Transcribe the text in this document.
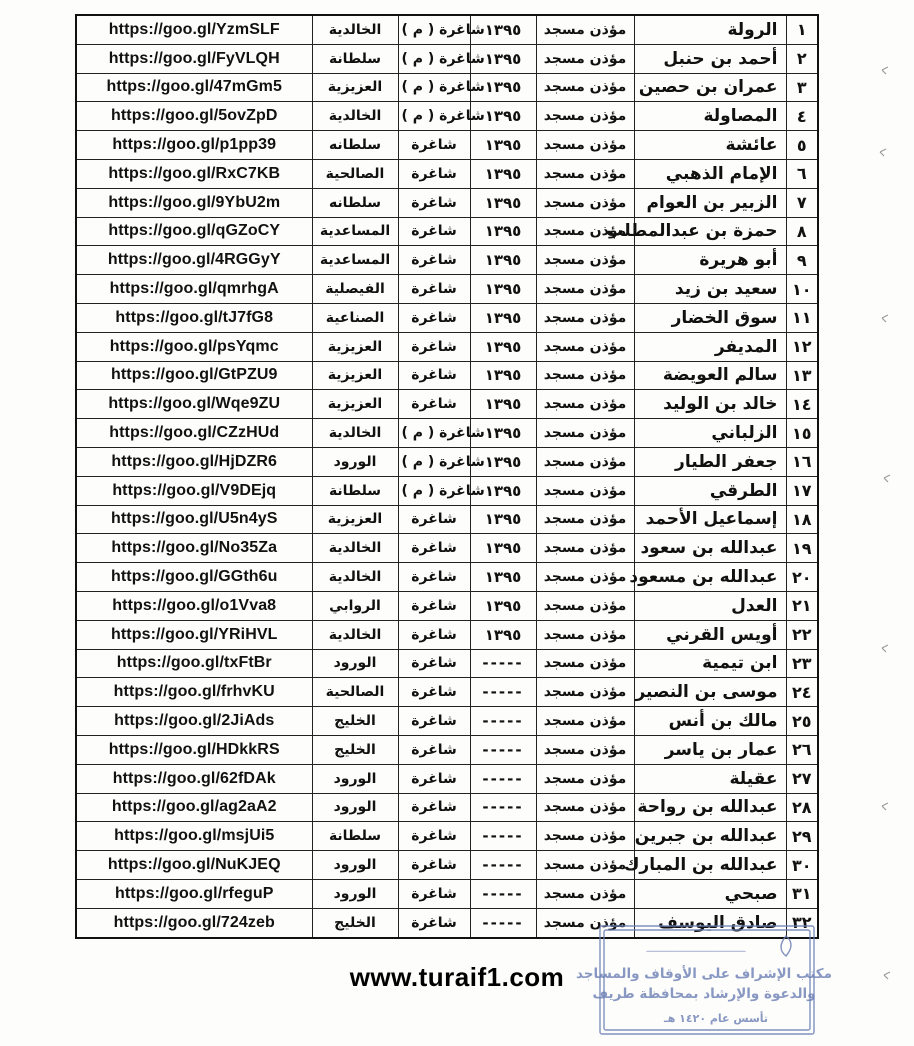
https://goo.gl/YzmSLF	الخالدية	شاغرة ( م )	١٣٩٥	مؤذن مسجد	الرولة	١
https://goo.gl/FyVLQH	سلطانة	شاغرة ( م )	١٣٩٥	مؤذن مسجد	أحمد بن حنبل	٢
https://goo.gl/47mGm5	العزيزية	شاغرة ( م )	١٣٩٥	مؤذن مسجد	عمران بن حصين	٣
https://goo.gl/5ovZpD	الخالدية	شاغرة ( م )	١٣٩٥	مؤذن مسجد	المصاولة	٤
https://goo.gl/p1pp39	سلطانه	شاغرة	١٣٩٥	مؤذن مسجد	عائشة	٥
https://goo.gl/RxC7KB	الصالحية	شاغرة	١٣٩٥	مؤذن مسجد	الإمام الذهبي	٦
https://goo.gl/9YbU2m	سلطانه	شاغرة	١٣٩٥	مؤذن مسجد	الزبير بن العوام	٧
https://goo.gl/qGZoCY	المساعدية	شاغرة	١٣٩٥	مؤذن مسجد	حمزة بن عبدالمطلب	٨
https://goo.gl/4RGGyY	المساعدية	شاغرة	١٣٩٥	مؤذن مسجد	أبو هريرة	٩
https://goo.gl/qmrhgA	الفيصلية	شاغرة	١٣٩٥	مؤذن مسجد	سعيد بن زيد	١٠
https://goo.gl/tJ7fG8	الصناعية	شاغرة	١٣٩٥	مؤذن مسجد	سوق الخضار	١١
https://goo.gl/psYqmc	العزيزية	شاغرة	١٣٩٥	مؤذن مسجد	المديفر	١٢
https://goo.gl/GtPZU9	العزيزية	شاغرة	١٣٩٥	مؤذن مسجد	سالم العويضة	١٣
https://goo.gl/Wqe9ZU	العزيزية	شاغرة	١٣٩٥	مؤذن مسجد	خالد بن الوليد	١٤
https://goo.gl/CZzHUd	الخالدية	شاغرة ( م )	١٣٩٥	مؤذن مسجد	الزلباني	١٥
https://goo.gl/HjDZR6	الورود	شاغرة ( م )	١٣٩٥	مؤذن مسجد	جعفر الطيار	١٦
https://goo.gl/V9DEjq	سلطانة	شاغرة ( م )	١٣٩٥	مؤذن مسجد	الطرقي	١٧
https://goo.gl/U5n4yS	العزيزية	شاغرة	١٣٩٥	مؤذن مسجد	إسماعيل الأحمد	١٨
https://goo.gl/No35Za	الخالدية	شاغرة	١٣٩٥	مؤذن مسجد	عبدالله بن سعود	١٩
https://goo.gl/GGth6u	الخالدية	شاغرة	١٣٩٥	مؤذن مسجد	عبدالله بن مسعود	٢٠
https://goo.gl/o1Vva8	الروابي	شاغرة	١٣٩٥	مؤذن مسجد	العدل	٢١
https://goo.gl/YRiHVL	الخالدية	شاغرة	١٣٩٥	مؤذن مسجد	أويس القرني	٢٢
https://goo.gl/txFtBr	الورود	شاغرة	-----	مؤذن مسجد	ابن تيمية	٢٣
https://goo.gl/frhvKU	الصالحية	شاغرة	-----	مؤذن مسجد	موسى بن النصير	٢٤
https://goo.gl/2JiAds	الخليج	شاغرة	-----	مؤذن مسجد	مالك بن أنس	٢٥
https://goo.gl/HDkkRS	الخليج	شاغرة	-----	مؤذن مسجد	عمار بن ياسر	٢٦
https://goo.gl/62fDAk	الورود	شاغرة	-----	مؤذن مسجد	عقيلة	٢٧
https://goo.gl/ag2aA2	الورود	شاغرة	-----	مؤذن مسجد	عبدالله بن رواحة	٢٨
https://goo.gl/msjUi5	سلطانة	شاغرة	-----	مؤذن مسجد	عبدالله بن جبرين	٢٩
https://goo.gl/NuKJEQ	الورود	شاغرة	-----	مؤذن مسجد	عبدالله بن المبارك	٣٠
https://goo.gl/rfeguP	الورود	شاغرة	-----	مؤذن مسجد	صبحي	٣١
https://goo.gl/724zeb	الخليج	شاغرة	-----	مؤذن مسجد	صادق اليوسف	٣٢
www.turaif1.com
ـــــــــــــــــــــــــــــ
مكتب الإشراف على الأوقاف والمساجد
والدعوة والإرشاد بمحافظة طريف
تأسس عام ١٤٢٠ هـ
